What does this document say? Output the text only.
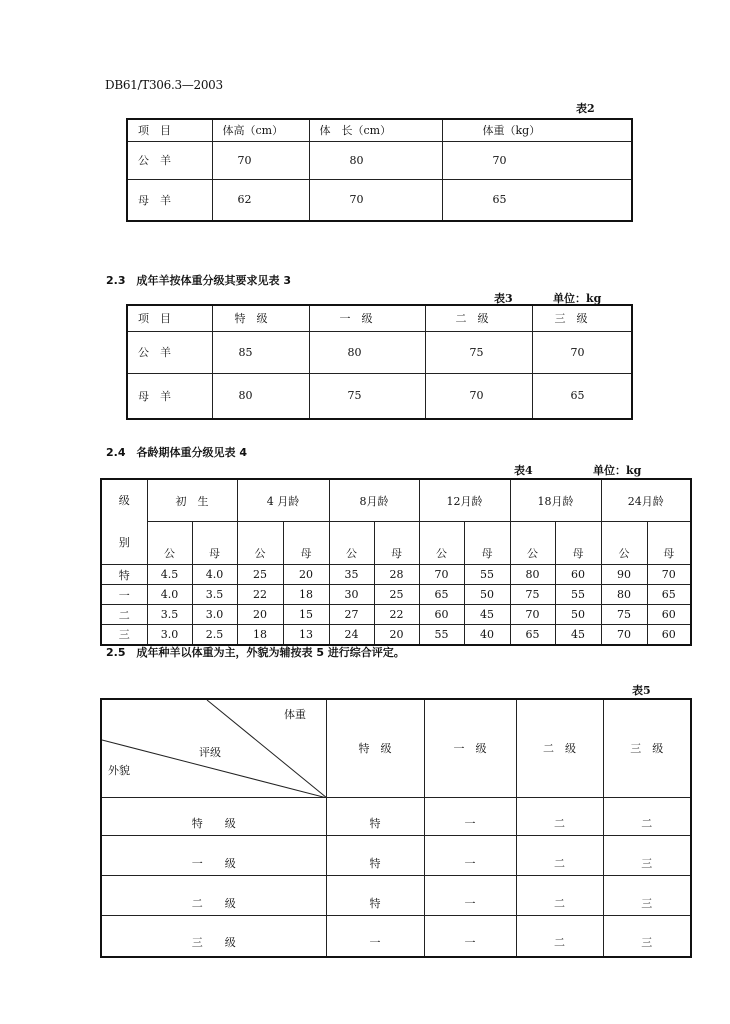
DB61/T306.3—2003
表2
项　目	体高（cm）	体　长（cm）	体重（kg）
公　羊	70	80	70
母　羊	62	70	65
2.3　成年羊按体重分级其要求见表 3
表3	单位：kg
项　目	特　级	一　级	二　级	三　级
公　羊	85	80	75	70
母　羊	80	75	70	65
2.4　各龄期体重分级见表 4
表4	单位：kg
级
别	初　生		4 月龄		8月龄		12月龄		18月龄		24月龄	
	公	母	公	母	公	母	公	母	公	母	公	母
特	4.5	4.0	25	20	35	28	70	55	80	60	90	70
一	4.0	3.5	22	18	30	25	65	50	75	55	80	65
二	3.5	3.0	20	15	27	22	60	45	70	50	75	60
三	3.0	2.5	18	13	24	20	55	40	65	45	70	60
2.5　成年种羊以体重为主，外貌为辅按表 5 进行综合评定。
表5
体重
评级
外貌	特　级	一　级	二　级	三　级
特　　级	特	一	二	二
一　　级	特	一	二	三
二　　级	特	一	二	三
三　　级	一	一	二	三
